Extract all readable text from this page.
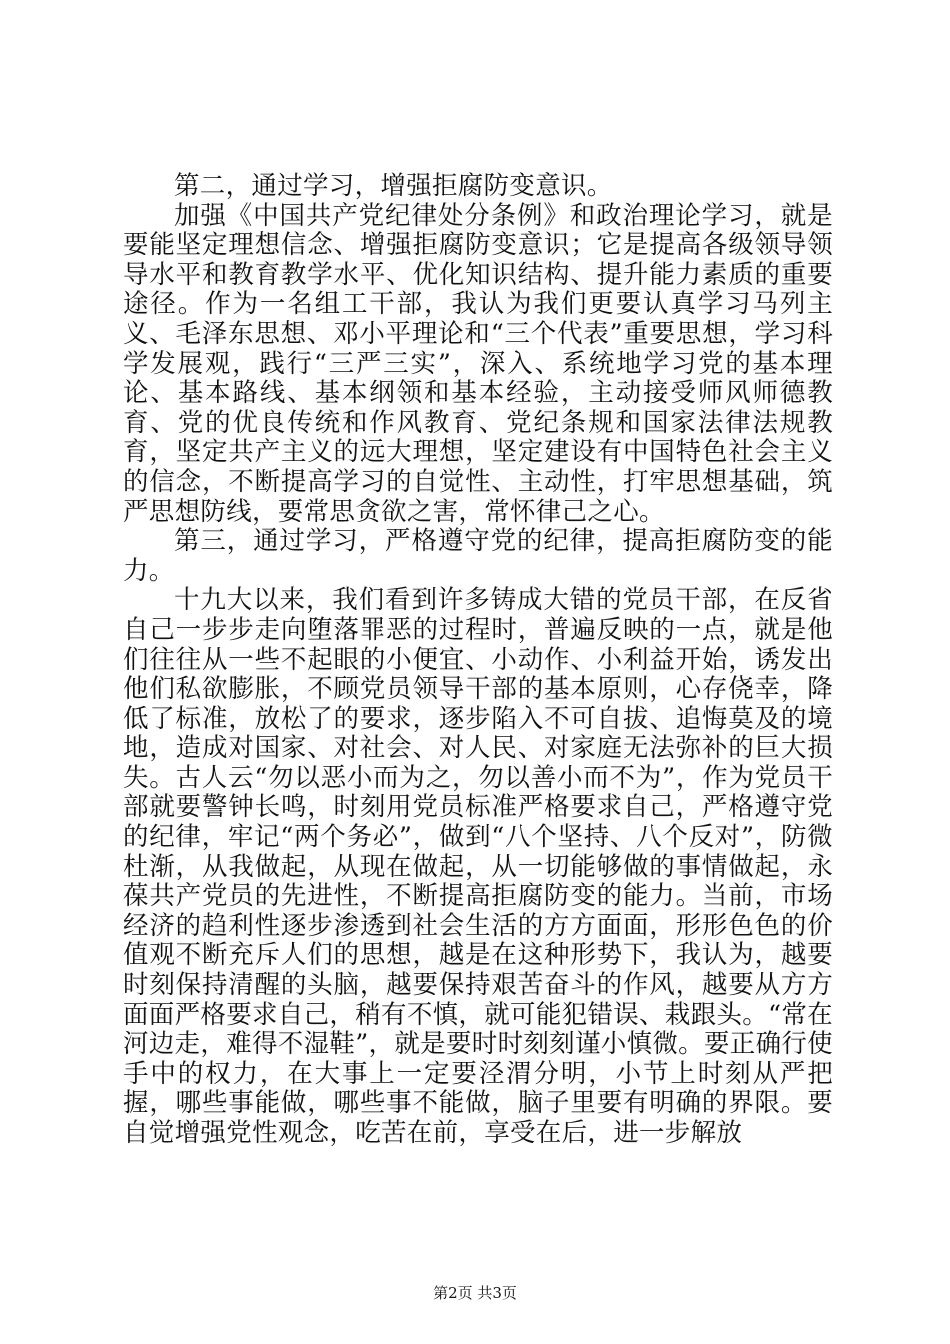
第二，通过学习，增强拒腐防变意识。

加强《中国共产党纪律处分条例》和政治理论学习，就是要能坚定理想信念、增强拒腐防变意识；它是提高各级领导领导水平和教育教学水平、优化知识结构、提升能力素质的重要途径。作为一名组工干部，我认为我们更要认真学习马列主义、毛泽东思想、邓小平理论和“三个代表”重要思想，学习科学发展观，践行“三严三实”，深入、系统地学习党的基本理论、基本路线、基本纲领和基本经验，主动接受师风师德教育、党的优良传统和作风教育、党纪条规和国家法律法规教育，坚定共产主义的远大理想，坚定建设有中国特色社会主义的信念，不断提高学习的自觉性、主动性，打牢思想基础，筑严思想防线，要常思贪欲之害，常怀律己之心。

第三，通过学习，严格遵守党的纪律，提高拒腐防变的能力。

十九大以来，我们看到许多铸成大错的党员干部，在反省自己一步步走向堕落罪恶的过程时，普遍反映的一点，就是他们往往从一些不起眼的小便宜、小动作、小利益开始，诱发出他们私欲膨胀，不顾党员领导干部的基本原则，心存侥幸，降低了标准，放松了的要求，逐步陷入不可自拔、追悔莫及的境地，造成对国家、对社会、对人民、对家庭无法弥补的巨大损失。古人云“勿以恶小而为之，勿以善小而不为”，作为党员干部就要警钟长鸣，时刻用党员标准严格要求自己，严格遵守党的纪律，牢记“两个务必”，做到“八个坚持、八个反对”，防微杜渐，从我做起，从现在做起，从一切能够做的事情做起，永葆共产党员的先进性，不断提高拒腐防变的能力。当前，市场经济的趋利性逐步渗透到社会生活的方方面面，形形色色的价值观不断充斥人们的思想，越是在这种形势下，我认为，越要时刻保持清醒的头脑，越要保持艰苦奋斗的作风，越要从方方面面严格要求自己，稍有不慎，就可能犯错误、栽跟头。“常在河边走，难得不湿鞋”，就是要时时刻刻谨小慎微。要正确行使手中的权力，在大事上一定要泾渭分明，小节上时刻从严把握，哪些事能做，哪些事不能做，脑子里要有明确的界限。要自觉增强党性观念，吃苦在前，享受在后，进一步解放

第2页 共3页
